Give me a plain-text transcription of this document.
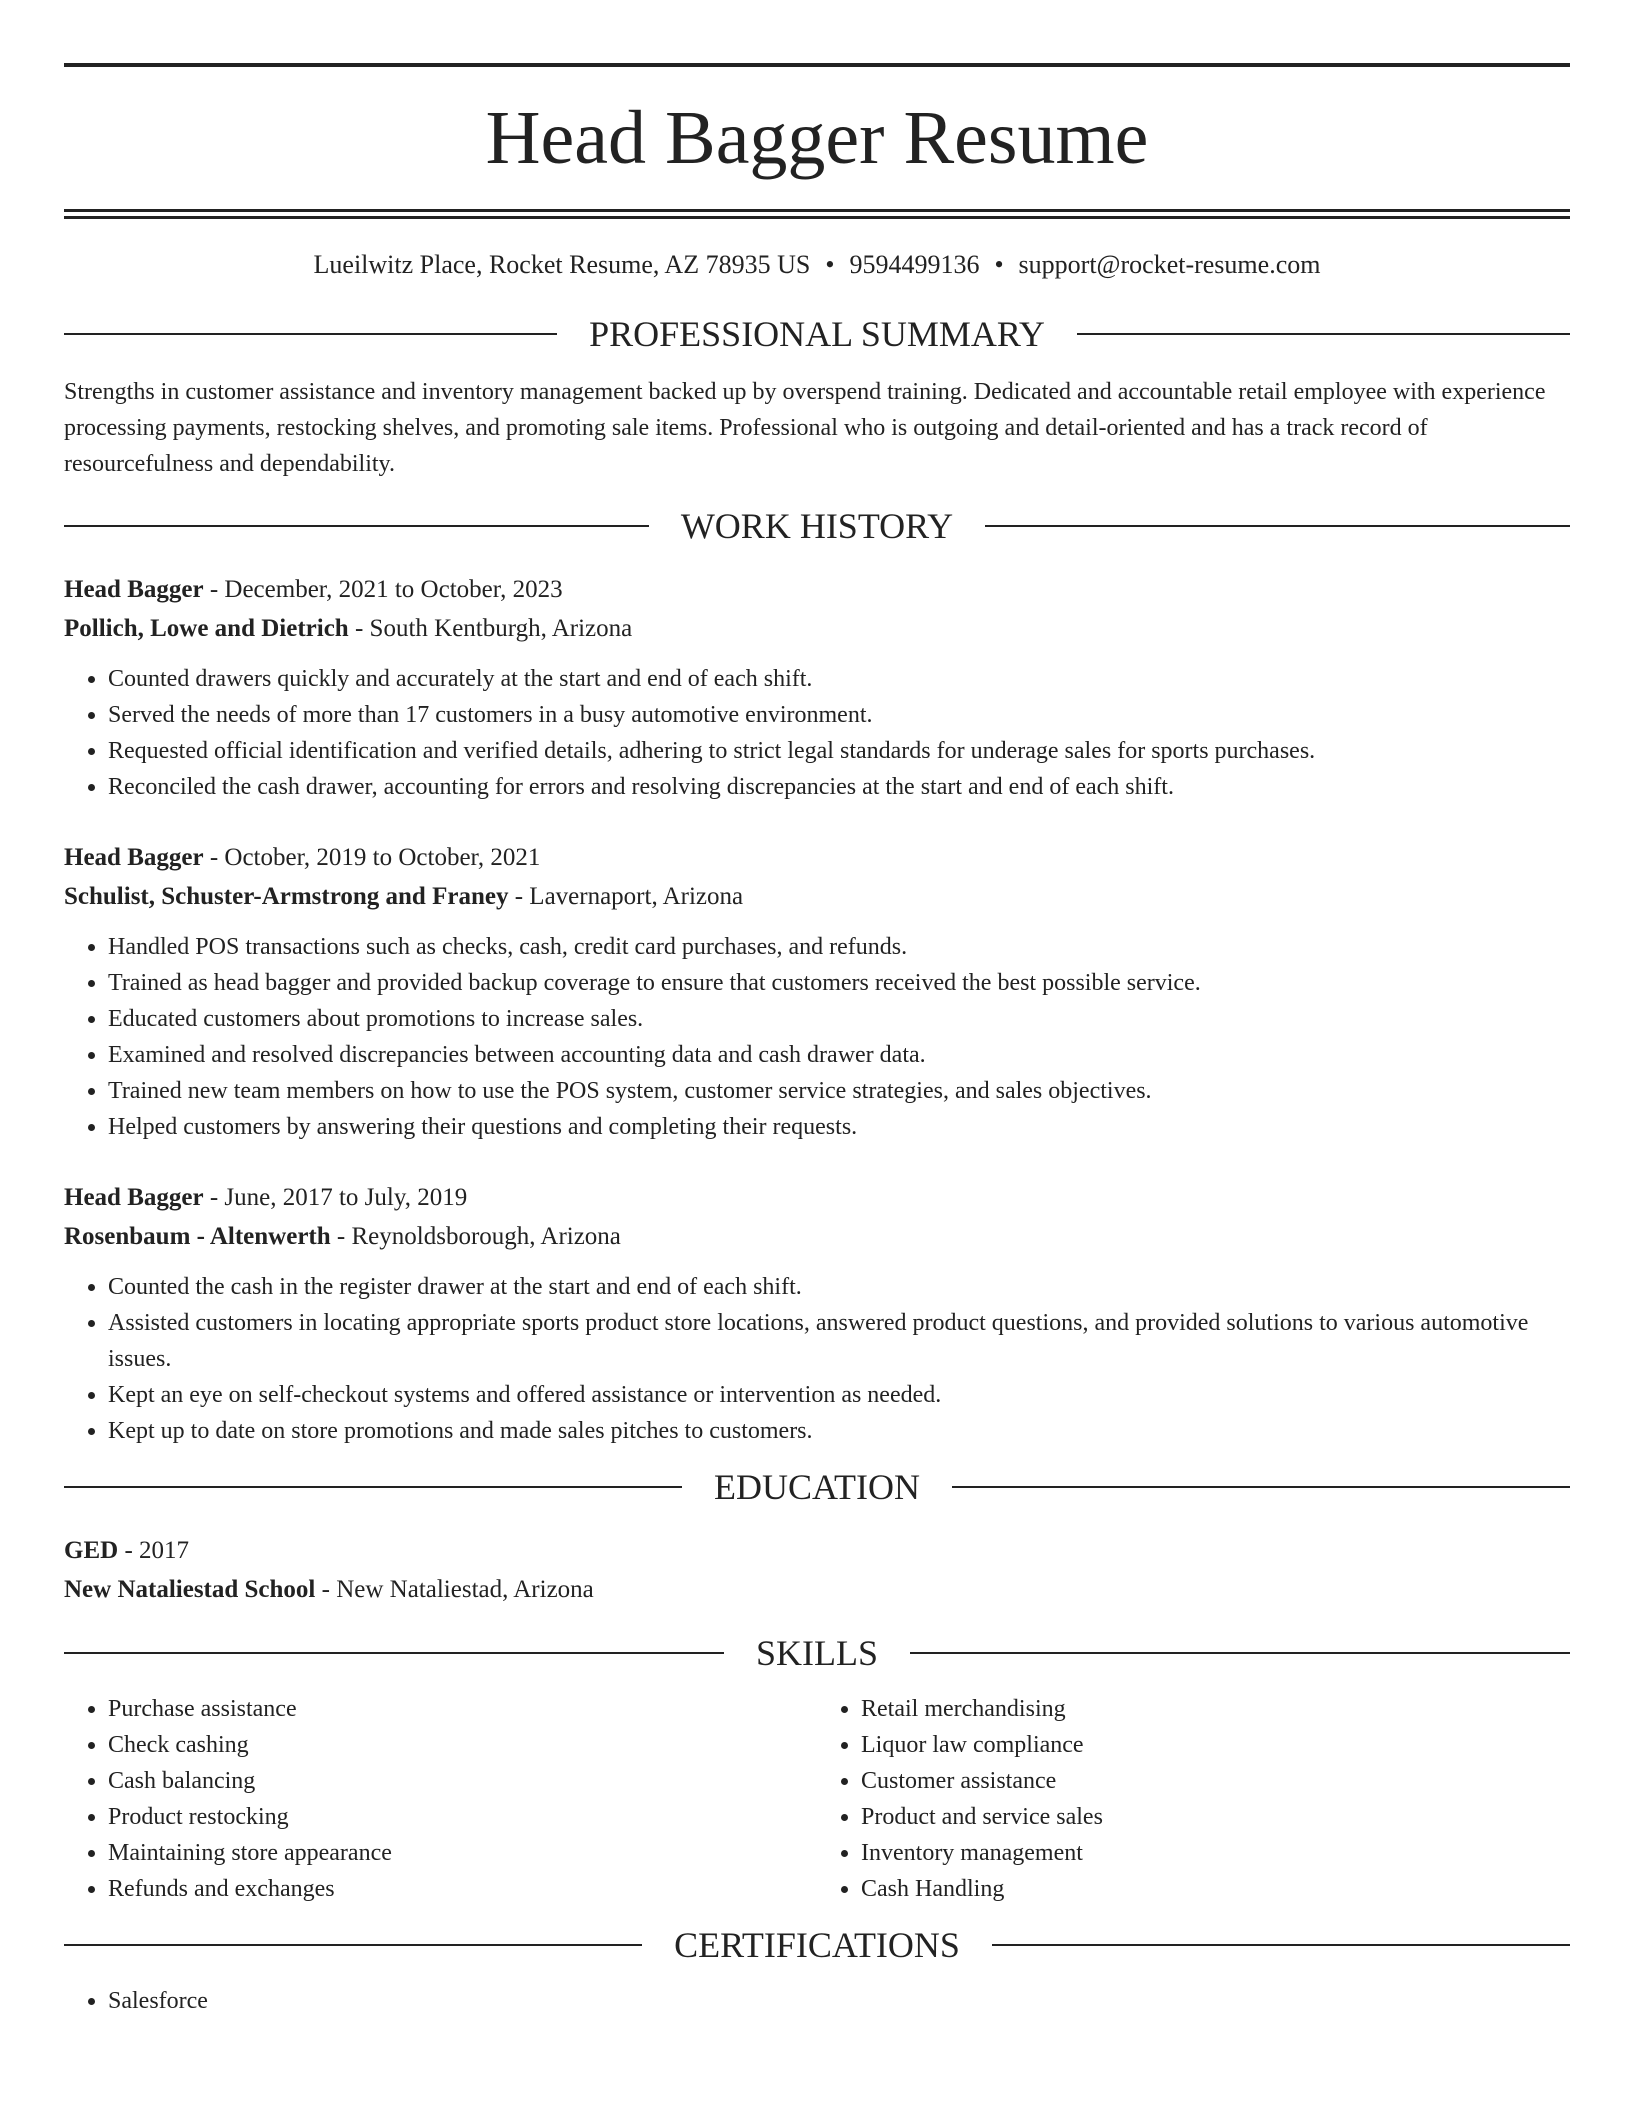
Head Bagger Resume
Lueilwitz Place, Rocket Resume, AZ 78935 US • 9594499136 • support@rocket-resume.com
PROFESSIONAL SUMMARY

Strengths in customer assistance and inventory management backed up by overspend training. Dedicated and accountable retail employee with experience processing payments, restocking shelves, and promoting sale items. Professional who is outgoing and detail-oriented and has a track record of resourcefulness and dependability.

WORK HISTORY
Head Bagger - December, 2021 to October, 2023
Pollich, Lowe and Dietrich - South Kentburgh, Arizona
• Counted drawers quickly and accurately at the start and end of each shift.
• Served the needs of more than 17 customers in a busy automotive environment.
• Requested official identification and verified details, adhering to strict legal standards for underage sales for sports purchases.
• Reconciled the cash drawer, accounting for errors and resolving discrepancies at the start and end of each shift.
Head Bagger - October, 2019 to October, 2021
Schulist, Schuster-Armstrong and Franey - Lavernaport, Arizona
• Handled POS transactions such as checks, cash, credit card purchases, and refunds.
• Trained as head bagger and provided backup coverage to ensure that customers received the best possible service.
• Educated customers about promotions to increase sales.
• Examined and resolved discrepancies between accounting data and cash drawer data.
• Trained new team members on how to use the POS system, customer service strategies, and sales objectives.
• Helped customers by answering their questions and completing their requests.
Head Bagger - June, 2017 to July, 2019
Rosenbaum - Altenwerth - Reynoldsborough, Arizona
• Counted the cash in the register drawer at the start and end of each shift.
• Assisted customers in locating appropriate sports product store locations, answered product questions, and provided solutions to various automotive issues.
• Kept an eye on self-checkout systems and offered assistance or intervention as needed.
• Kept up to date on store promotions and made sales pitches to customers.
EDUCATION
GED - 2017
New Nataliestad School - New Nataliestad, Arizona
SKILLS
• Purchase assistance
• Check cashing
• Cash balancing
• Product restocking
• Maintaining store appearance
• Refunds and exchanges
• Retail merchandising
• Liquor law compliance
• Customer assistance
• Product and service sales
• Inventory management
• Cash Handling
CERTIFICATIONS
• Salesforce
